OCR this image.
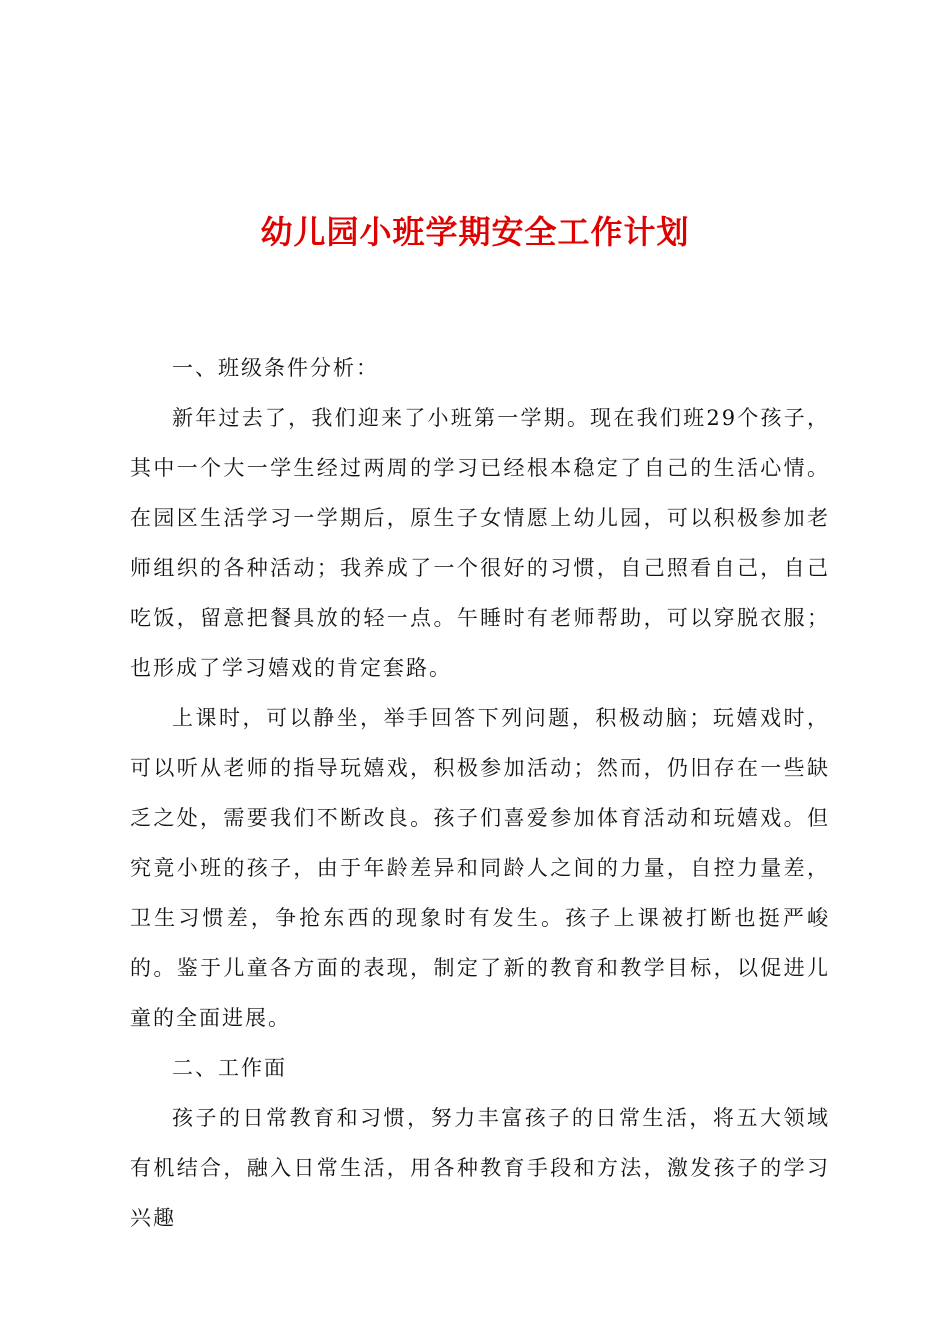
幼儿园小班学期安全工作计划

一、班级条件分析：

新年过去了，我们迎来了小班第一学期。现在我们班29个孩子，其中一个大一学生经过两周的学习已经根本稳定了自己的生活心情。在园区生活学习一学期后，原生子女情愿上幼儿园，可以积极参加老师组织的各种活动；我养成了一个很好的习惯，自己照看自己，自己吃饭，留意把餐具放的轻一点。午睡时有老师帮助，可以穿脱衣服；也形成了学习嬉戏的肯定套路。

上课时，可以静坐，举手回答下列问题，积极动脑；玩嬉戏时，可以听从老师的指导玩嬉戏，积极参加活动；然而，仍旧存在一些缺乏之处，需要我们不断改良。孩子们喜爱参加体育活动和玩嬉戏。但究竟小班的孩子，由于年龄差异和同龄人之间的力量，自控力量差，卫生习惯差，争抢东西的现象时有发生。孩子上课被打断也挺严峻的。鉴于儿童各方面的表现，制定了新的教育和教学目标，以促进儿童的全面进展。

二、工作面

孩子的日常教育和习惯，努力丰富孩子的日常生活，将五大领域有机结合，融入日常生活，用各种教育手段和方法，激发孩子的学习兴趣
